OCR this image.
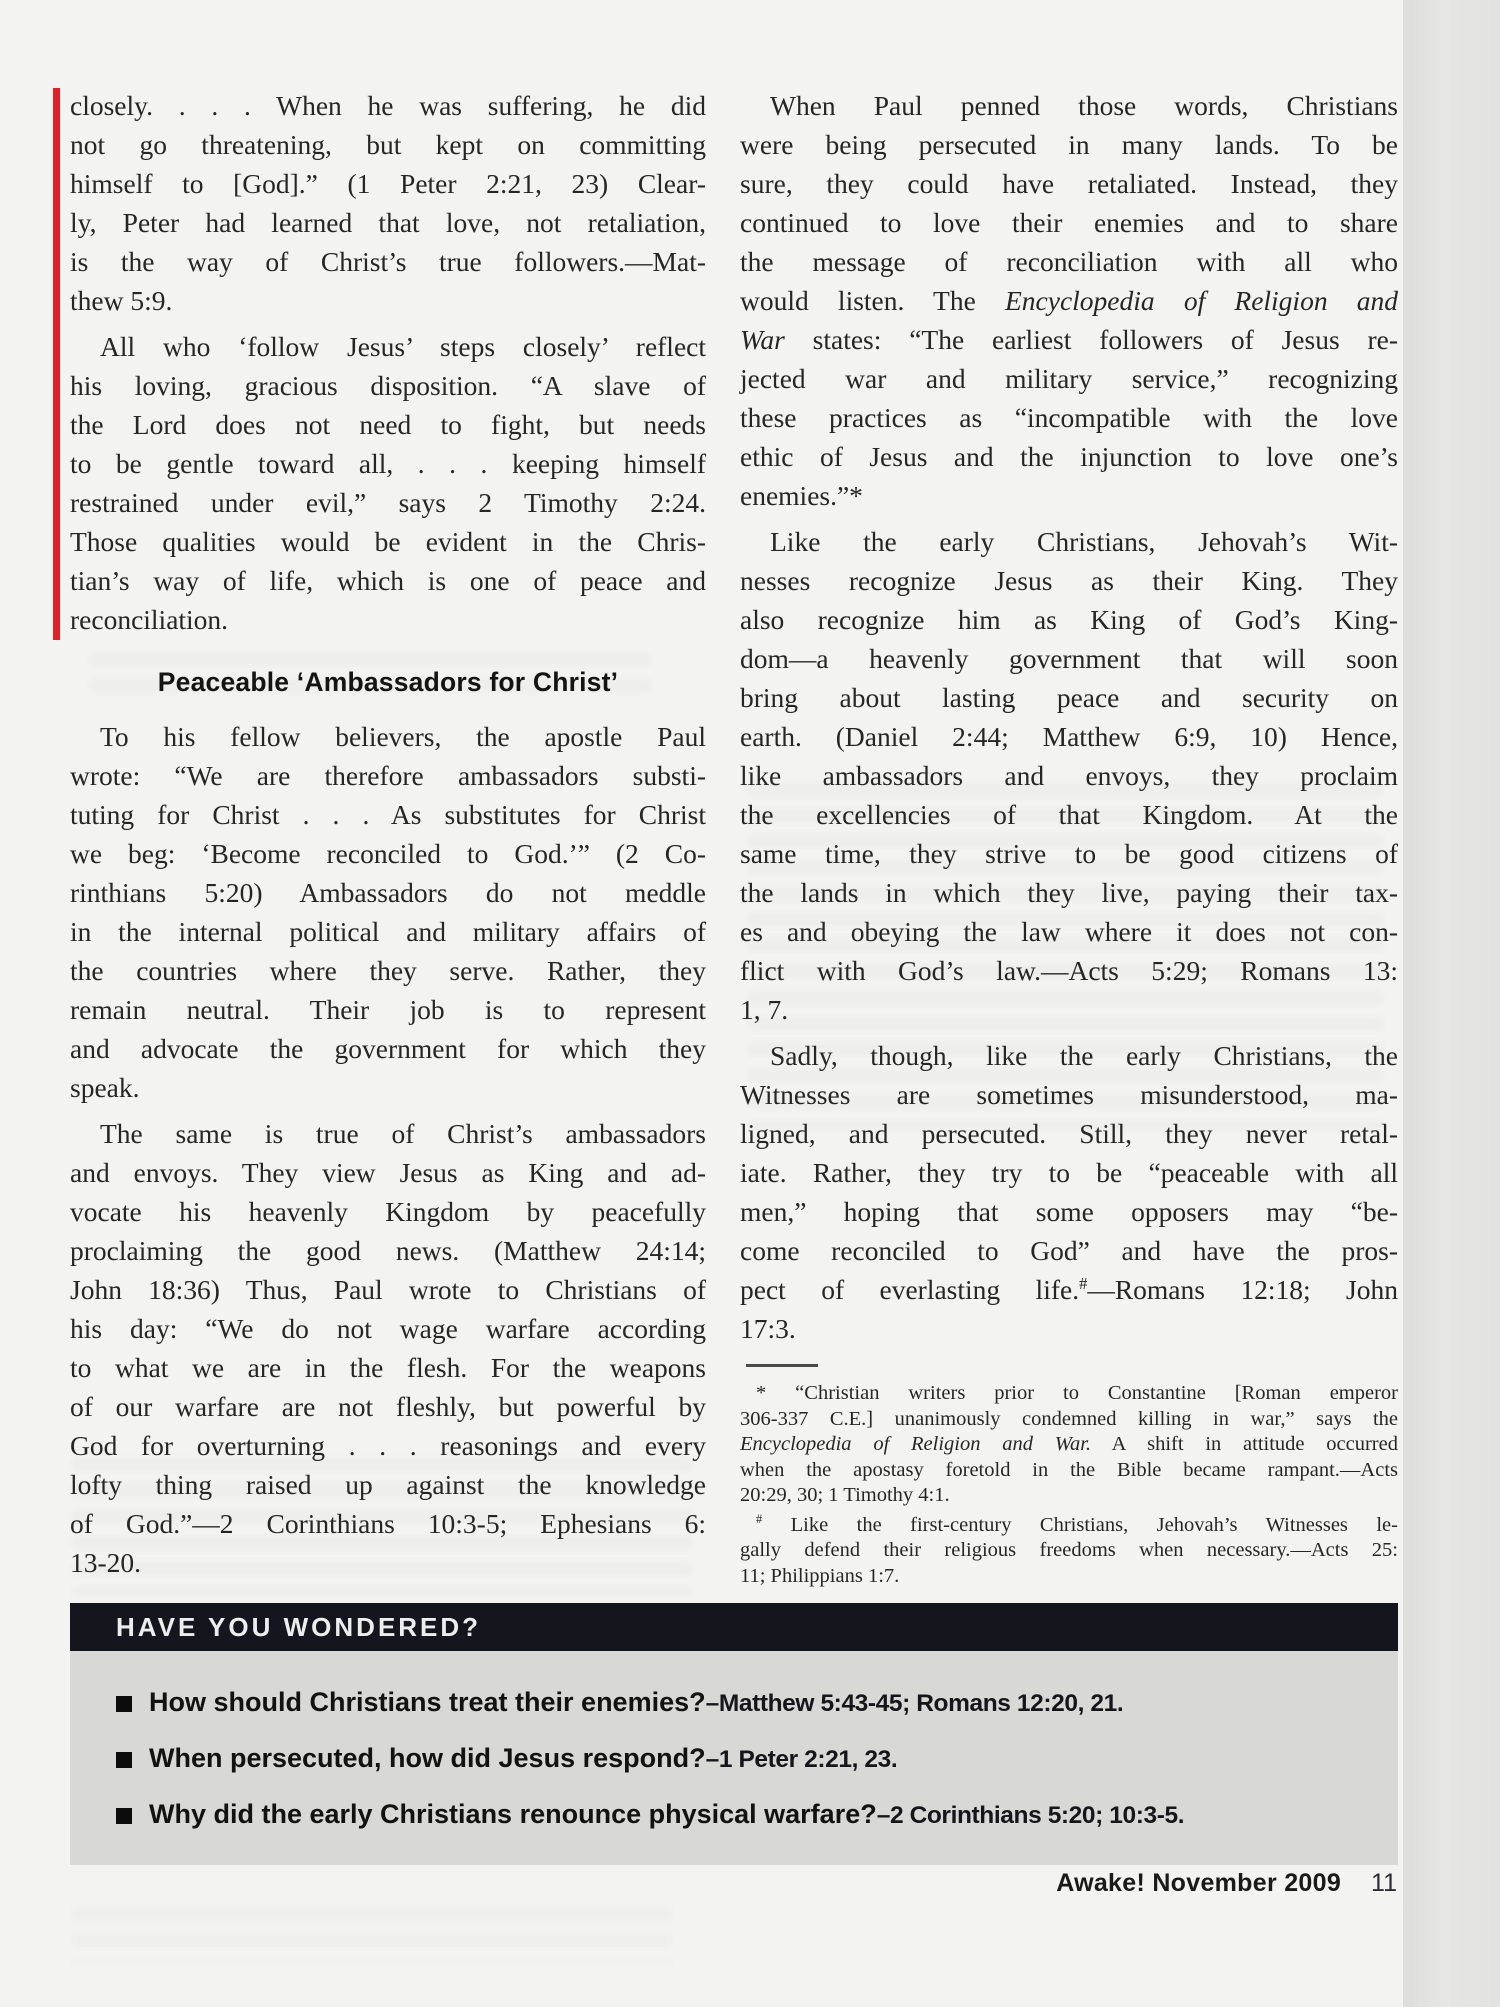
closely. . . . When he was suffering, he did
not go threatening, but kept on committing
himself to [God].” (1 Peter 2:21, 23) Clear-
ly, Peter had learned that love, not retaliation,
is the way of Christ’s true followers.—Mat-
thew 5:9.
All who ‘follow Jesus’ steps closely’ reflect
his loving, gracious disposition. “A slave of
the Lord does not need to fight, but needs
to be gentle toward all, . . . keeping himself
restrained under evil,” says 2 Timothy 2:24.
Those qualities would be evident in the Chris-
tian’s way of life, which is one of peace and
reconciliation.
Peaceable ‘Ambassadors for Christ’
To his fellow believers, the apostle Paul
wrote: “We are therefore ambassadors substi-
tuting for Christ . . . As substitutes for Christ
we beg: ‘Become reconciled to God.’” (2 Co-
rinthians 5:20) Ambassadors do not meddle
in the internal political and military affairs of
the countries where they serve. Rather, they
remain neutral. Their job is to represent
and advocate the government for which they
speak.
The same is true of Christ’s ambassadors
and envoys. They view Jesus as King and ad-
vocate his heavenly Kingdom by peacefully
proclaiming the good news. (Matthew 24:14;
John 18:36) Thus, Paul wrote to Christians of
his day: “We do not wage warfare according
to what we are in the flesh. For the weapons
of our warfare are not fleshly, but powerful by
God for overturning . . . reasonings and every
lofty thing raised up against the knowledge
of God.”—2 Corinthians 10:3-5; Ephesians 6:
13-20.
When Paul penned those words, Christians
were being persecuted in many lands. To be
sure, they could have retaliated. Instead, they
continued to love their enemies and to share
the message of reconciliation with all who
would listen. The Encyclopedia of Religion and
War states: “The earliest followers of Jesus re-
jected war and military service,” recognizing
these practices as “incompatible with the love
ethic of Jesus and the injunction to love one’s
enemies.”*
Like the early Christians, Jehovah’s Wit-
nesses recognize Jesus as their King. They
also recognize him as King of God’s King-
dom—a heavenly government that will soon
bring about lasting peace and security on
earth. (Daniel 2:44; Matthew 6:9, 10) Hence,
like ambassadors and envoys, they proclaim
the excellencies of that Kingdom. At the
same time, they strive to be good citizens of
the lands in which they live, paying their tax-
es and obeying the law where it does not con-
flict with God’s law.—Acts 5:29; Romans 13:
1, 7.
Sadly, though, like the early Christians, the
Witnesses are sometimes misunderstood, ma-
ligned, and persecuted. Still, they never retal-
iate. Rather, they try to be “peaceable with all
men,” hoping that some opposers may “be-
come reconciled to God” and have the pros-
pect of everlasting life.#—Romans 12:18; John
17:3.
* “Christian writers prior to Constantine [Roman emperor
306-337 C.E.] unanimously condemned killing in war,” says the
Encyclopedia of Religion and War. A shift in attitude occurred
when the apostasy foretold in the Bible became rampant.—Acts
20:29, 30; 1 Timothy 4:1.
# Like the first-century Christians, Jehovah’s Witnesses le-
gally defend their religious freedoms when necessary.—Acts 25:
11; Philippians 1:7.
HAVE YOU WONDERED?
How should Christians treat their enemies? –Matthew 5:43-45; Romans 12:20, 21.
When persecuted, how did Jesus respond? –1 Peter 2:21, 23.
Why did the early Christians renounce physical warfare? –2 Corinthians 5:20; 10:3-5.
Awake! November 2009 11
